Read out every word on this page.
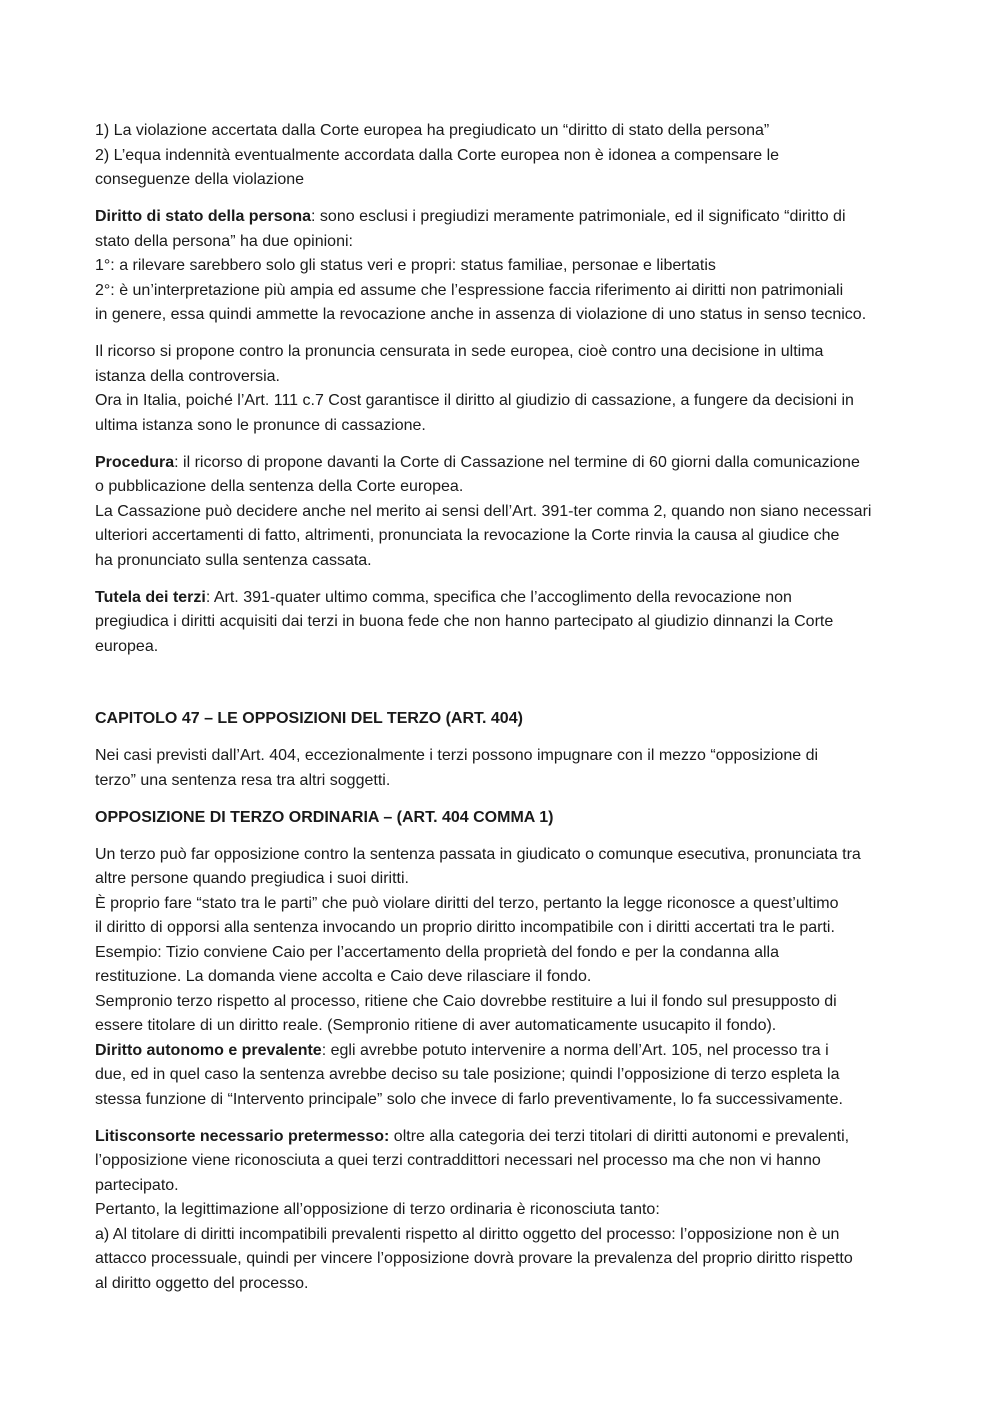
1) La violazione accertata dalla Corte europea ha pregiudicato un “diritto di stato della persona”
2) L’equa indennità eventualmente accordata dalla Corte europea non è idonea a compensare le
conseguenze della violazione

Diritto di stato della persona: sono esclusi i pregiudizi meramente patrimoniale, ed il significato “diritto di
stato della persona” ha due opinioni:
1°: a rilevare sarebbero solo gli status veri e propri: status familiae, personae e libertatis
2°: è un’interpretazione più ampia ed assume che l’espressione faccia riferimento ai diritti non patrimoniali
in genere, essa quindi ammette la revocazione anche in assenza di violazione di uno status in senso tecnico.

Il ricorso si propone contro la pronuncia censurata in sede europea, cioè contro una decisione in ultima
istanza della controversia.
Ora in Italia, poiché l’Art. 111 c.7 Cost garantisce il diritto al giudizio di cassazione, a fungere da decisioni in
ultima istanza sono le pronunce di cassazione.

Procedura: il ricorso di propone davanti la Corte di Cassazione nel termine di 60 giorni dalla comunicazione
o pubblicazione della sentenza della Corte europea.
La Cassazione può decidere anche nel merito ai sensi dell’Art. 391-ter comma 2, quando non siano necessari
ulteriori accertamenti di fatto, altrimenti, pronunciata la revocazione la Corte rinvia la causa al giudice che
ha pronunciato sulla sentenza cassata.

Tutela dei terzi: Art. 391-quater ultimo comma, specifica che l’accoglimento della revocazione non
pregiudica i diritti acquisiti dai terzi in buona fede che non hanno partecipato al giudizio dinnanzi la Corte
europea.

CAPITOLO 47 – LE OPPOSIZIONI DEL TERZO (ART. 404)

Nei casi previsti dall’Art. 404, eccezionalmente i terzi possono impugnare con il mezzo “opposizione di
terzo” una sentenza resa tra altri soggetti.

OPPOSIZIONE DI TERZO ORDINARIA – (ART. 404 COMMA 1)

Un terzo può far opposizione contro la sentenza passata in giudicato o comunque esecutiva, pronunciata tra
altre persone quando pregiudica i suoi diritti.
È proprio fare “stato tra le parti” che può violare diritti del terzo, pertanto la legge riconosce a quest’ultimo
il diritto di opporsi alla sentenza invocando un proprio diritto incompatibile con i diritti accertati tra le parti.
Esempio: Tizio conviene Caio per l’accertamento della proprietà del fondo e per la condanna alla
restituzione. La domanda viene accolta e Caio deve rilasciare il fondo.
Sempronio terzo rispetto al processo, ritiene che Caio dovrebbe restituire a lui il fondo sul presupposto di
essere titolare di un diritto reale. (Sempronio ritiene di aver automaticamente usucapito il fondo).
Diritto autonomo e prevalente: egli avrebbe potuto intervenire a norma dell’Art. 105, nel processo tra i
due, ed in quel caso la sentenza avrebbe deciso su tale posizione; quindi l’opposizione di terzo espleta la
stessa funzione di “Intervento principale” solo che invece di farlo preventivamente, lo fa successivamente.

Litisconsorte necessario pretermesso: oltre alla categoria dei terzi titolari di diritti autonomi e prevalenti,
l’opposizione viene riconosciuta a quei terzi contraddittori necessari nel processo ma che non vi hanno
partecipato.
Pertanto, la legittimazione all’opposizione di terzo ordinaria è riconosciuta tanto:
a) Al titolare di diritti incompatibili prevalenti rispetto al diritto oggetto del processo: l’opposizione non è un
attacco processuale, quindi per vincere l’opposizione dovrà provare la prevalenza del proprio diritto rispetto
al diritto oggetto del processo.
